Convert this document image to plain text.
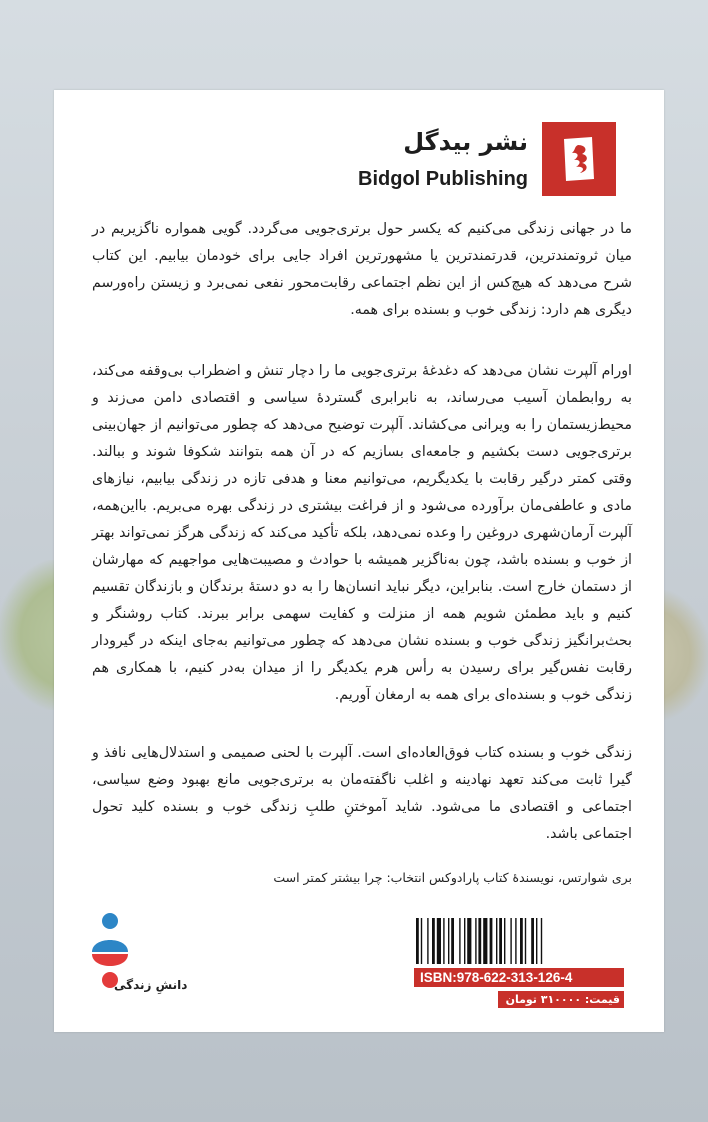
نشر بیدگل
Bidgol Publishing
ما در جهانی زندگی می‌کنیم که یکسر حول برتری‌جویی می‌گردد. گویی همواره ناگزیریم در میان ثروتمندترین، قدرتمندترین یا مشهورترین افراد جایی برای خودمان بیابیم. این کتاب شرح می‌دهد که هیچ‌کس از این نظم اجتماعی رقابت‌محور نفعی نمی‌برد و زیستن راه‌ورسم دیگری هم دارد: زندگی خوب و بسنده برای همه.
اورام آلپرت نشان می‌دهد که دغدغهٔ برتری‌جویی ما را دچار تنش و اضطراب بی‌وقفه می‌کند، به روابطمان آسیب می‌رساند، به نابرابری گستردهٔ سیاسی و اقتصادی دامن می‌زند و محیط‌زیستمان را به ویرانی می‌کشاند. آلپرت توضیح می‌دهد که چطور می‌توانیم از جهان‌بینی برتری‌جویی دست بکشیم و جامعه‌ای بسازیم که در آن همه بتوانند شکوفا شوند و ببالند. وقتی کمتر درگیر رقابت با یکدیگریم، می‌توانیم معنا و هدفی تازه در زندگی بیابیم، نیازهای مادی و عاطفی‌مان برآورده می‌شود و از فراغت بیشتری در زندگی بهره می‌بریم. بااین‌همه، آلپرت آرمان‌شهری دروغین را وعده نمی‌دهد، بلکه تأکید می‌کند که زندگی هرگز نمی‌تواند بهتر از خوب و بسنده باشد، چون به‌ناگزیر همیشه با حوادث و مصیبت‌هایی مواجهیم که مهارشان از دستمان خارج است. بنابراین، دیگر نباید انسان‌ها را به دو دستهٔ برندگان و بازندگان تقسیم کنیم و باید مطمئن شویم همه از منزلت و کفایت سهمی برابر ببرند. کتاب روشنگر و بحث‌برانگیز زندگی خوب و بسنده نشان می‌دهد که چطور می‌توانیم به‌جای اینکه در گیرودار رقابت نفس‌گیر برای رسیدن به رأس هرم یکدیگر را از میدان به‌در کنیم، با همکاری هم زندگی خوب و بسنده‌ای برای همه به ارمغان آوریم.
زندگی خوب و بسنده کتاب فوق‌العاده‌ای است. آلپرت با لحنی صمیمی و استدلال‌هایی نافذ و گیرا ثابت می‌کند تعهد نهادینه و اغلب ناگفته‌مان به برتری‌جویی مانع بهبود وضع سیاسی، اجتماعی و اقتصادی ما می‌شود. شاید آموختنِ طلبِ زندگی خوب و بسنده کلید تحول اجتماعی باشد.
بری شوارتس، نویسندهٔ کتاب پارادوکس انتخاب: چرا بیشتر کمتر است
دانشِ زندگی	ISBN:978-622-313-126-4
قیمت: ۳۱۰۰۰۰ تومان
